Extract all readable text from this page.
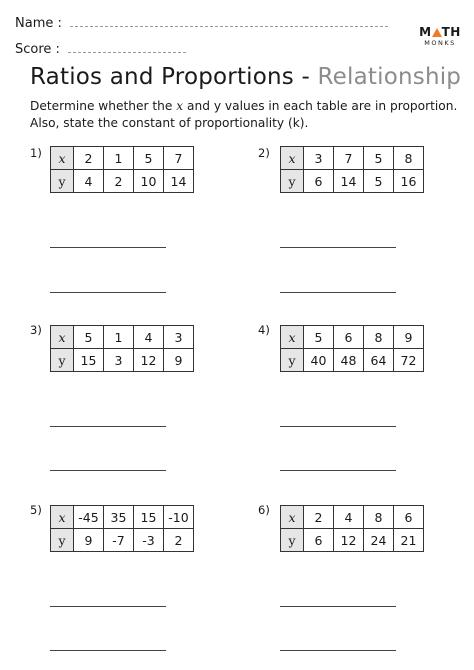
Name :
Score :
M TH
MONKS
Ratios and Proportions - Relationship
Determine whether the x and y values in each table are in proportion.
Also, state the constant of proportionality (k).
1) x	2	1	5	7
y	4	2	10	14
2) x	3	7	5	8
y	6	14	5	16
3) x	5	1	4	3
y	15	3	12	9
4) x	5	6	8	9
y	40	48	64	72
5) x	-45	35	15	-10
y	9	-7	-3	2
6) x	2	4	8	6
y	6	12	24	21
